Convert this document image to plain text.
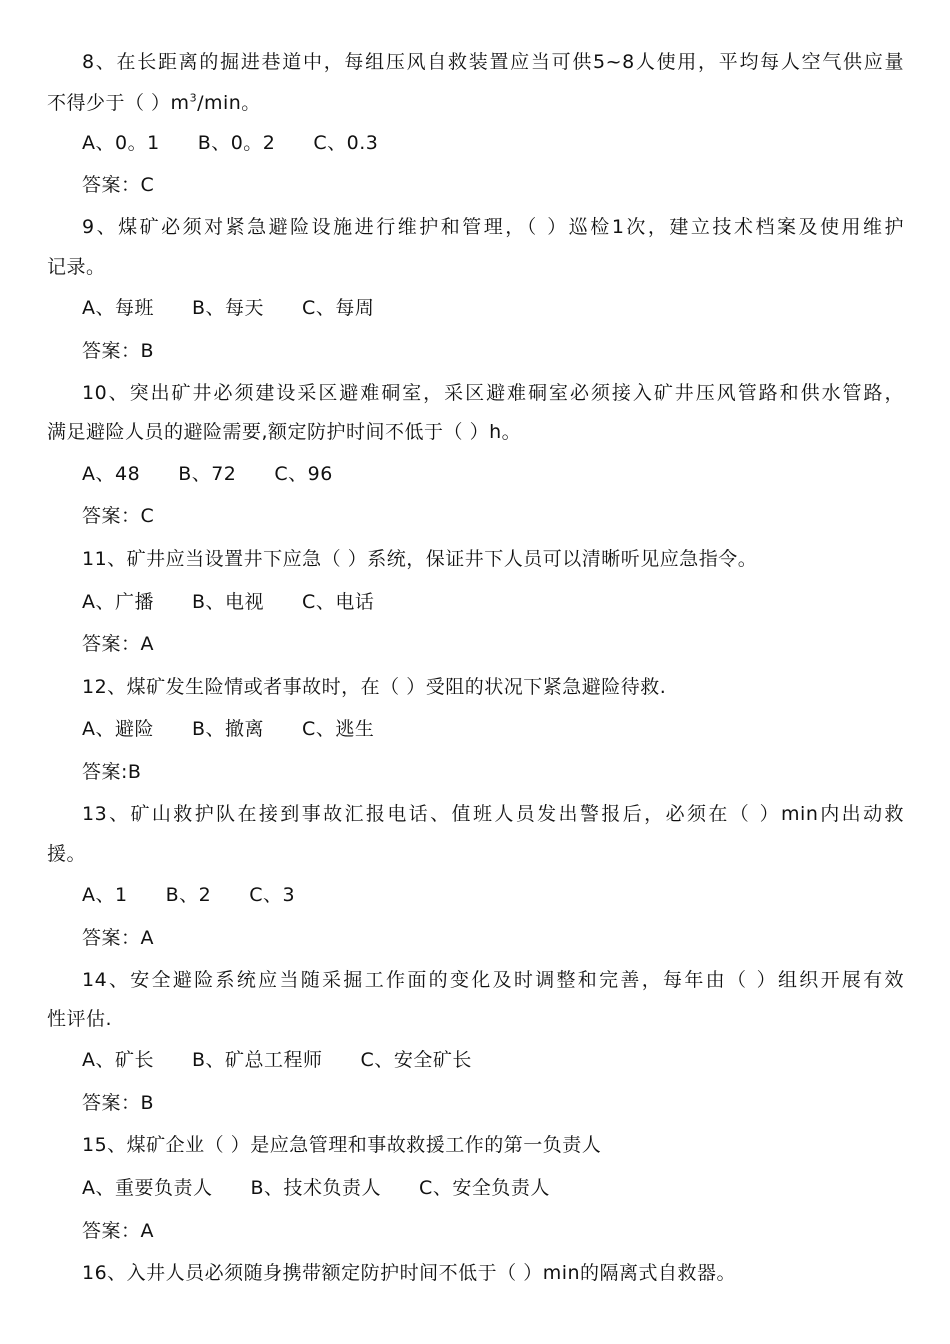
8、在长距离的掘进巷道中，每组压风自救装置应当可供5~8人使用，平均每人空气供应量
不得少于（ ）$m^3/\min$。
A、0。1 B、0。2 C、0.3
答案：C
9、煤矿必须对紧急避险设施进行维护和管理，（ ）巡检1次，建立技术档案及使用维护
记录。
A、每班 B、每天 C、每周
答案：B
10、突出矿井必须建设采区避难硐室，采区避难硐室必须接入矿井压风管路和供水管路，
满足避险人员的避险需要,额定防护时间不低于（ ）h。
A、48 B、72 C、96
答案：C
11、矿井应当设置井下应急（ ）系统，保证井下人员可以清晰听见应急指令。
A、广播 B、电视 C、电话
答案：A
12、煤矿发生险情或者事故时，在（ ）受阻的状况下紧急避险待救.
A、避险 B、撤离 C、逃生
答案:B
13、矿山救护队在接到事故汇报电话、值班人员发出警报后，必须在（ ）min内出动救
援。
A、1 B、2 C、3
答案：A
14、安全避险系统应当随采掘工作面的变化及时调整和完善，每年由（ ）组织开展有效
性评估.
A、矿长 B、矿总工程师 C、安全矿长
答案：B
15、煤矿企业（ ）是应急管理和事故救援工作的第一负责人
A、重要负责人 B、技术负责人 C、安全负责人
答案：A
16、入井人员必须随身携带额定防护时间不低于（ ）min的隔离式自救器。
